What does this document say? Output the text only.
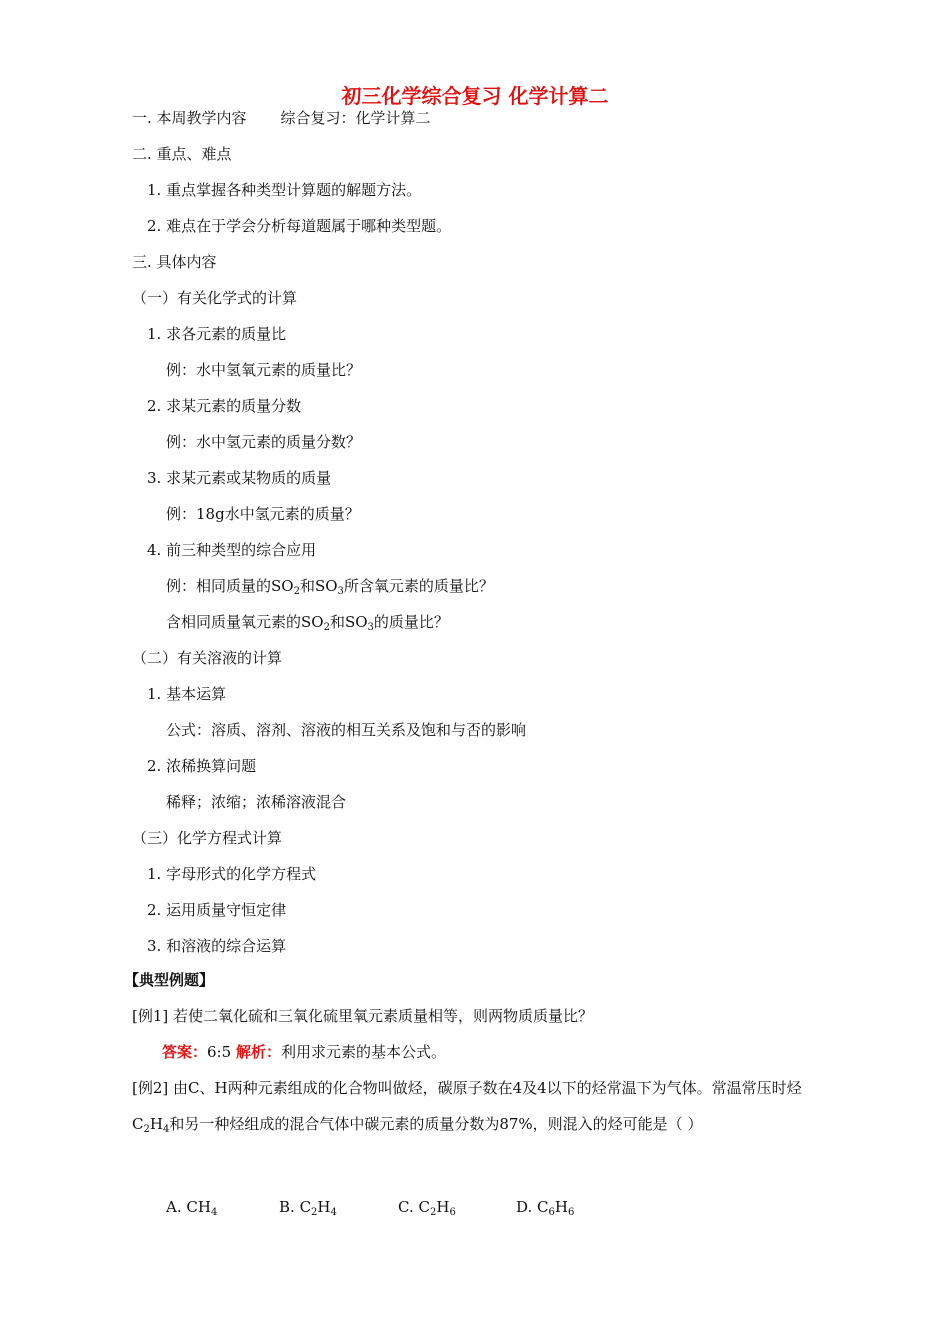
初三化学综合复习 化学计算二
一. 本周教学内容 综合复习：化学计算二
二. 重点、难点
1. 重点掌握各种类型计算题的解题方法。
2. 难点在于学会分析每道题属于哪种类型题。
三. 具体内容
（一）有关化学式的计算
1. 求各元素的质量比
例：水中氢氧元素的质量比？
2. 求某元素的质量分数
例：水中氢元素的质量分数？
3. 求某元素或某物质的质量
例：18g水中氢元素的质量？
4. 前三种类型的综合应用
例：相同质量的$SO_2$和$SO_3$所含氧元素的质量比？
含相同质量氧元素的$SO_2$和$SO_3$的质量比？
（二）有关溶液的计算
1. 基本运算
公式：溶质、溶剂、溶液的相互关系及饱和与否的影响
2. 浓稀换算问题
稀释；浓缩；浓稀溶液混合
（三）化学方程式计算
1. 字母形式的化学方程式
2. 运用质量守恒定律
3. 和溶液的综合运算
【典型例题】
[例1] 若使二氧化硫和三氧化硫里氧元素质量相等，则两物质质量比？
答案：6:5 解析：利用求元素的基本公式。
[例2] 由C、H两种元素组成的化合物叫做烃，碳原子数在4及4以下的烃常温下为气体。常温常压时烃$C_2H_4$和另一种烃组成的混合气体中碳元素的质量分数为87%，则混入的烃可能是（ ）
A. $CH_4$	B. $C_2H_4$	C. $C_2H_6$	D. $C_6H_6$
